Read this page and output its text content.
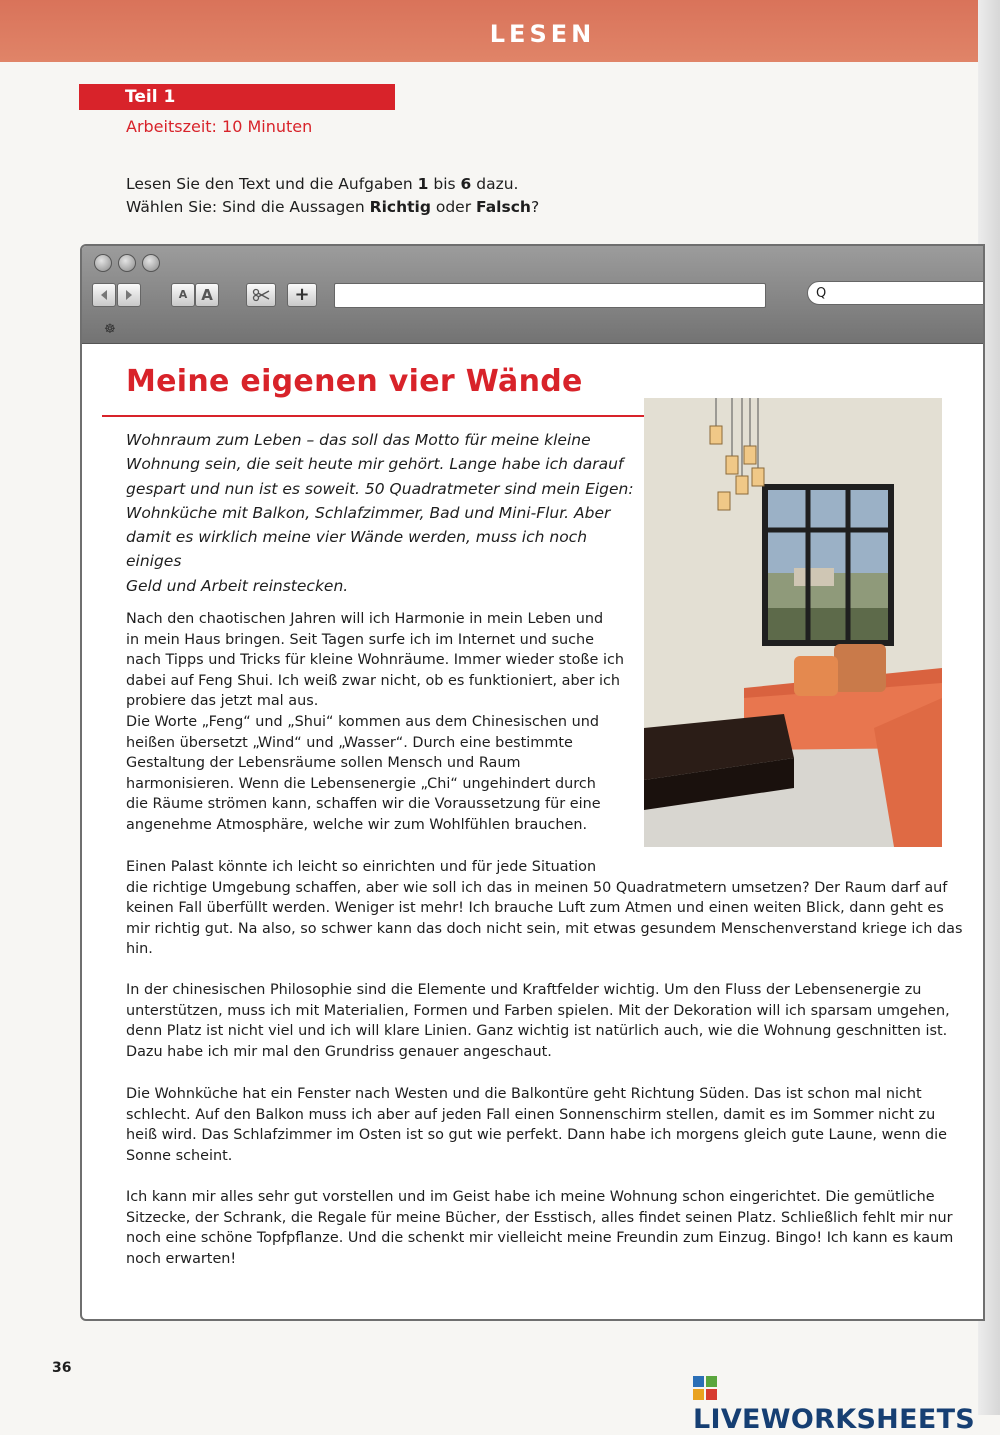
LESEN
Teil 1
Arbeitszeit: 10 Minuten
Lesen Sie den Text und die Aufgaben 1 bis 6 dazu.
Wählen Sie: Sind die Aussagen Richtig oder Falsch?
A A	+	Q
☸
Meine eigenen vier Wände
Wohnraum zum Leben – das soll das Motto für meine kleine
Wohnung sein, die seit heute mir gehört. Lange habe ich darauf
gespart und nun ist es soweit. 50 Quadratmeter sind mein Eigen:
Wohnküche mit Balkon, Schlafzimmer, Bad und Mini-Flur. Aber
damit es wirklich meine vier Wände werden, muss ich noch einiges
Geld und Arbeit reinstecken.
Nach den chaotischen Jahren will ich Harmonie in mein Leben und
in mein Haus bringen. Seit Tagen surfe ich im Internet und suche
nach Tipps und Tricks für kleine Wohnräume. Immer wieder stoße ich
dabei auf Feng Shui. Ich weiß zwar nicht, ob es funktioniert, aber ich
probiere das jetzt mal aus.
Die Worte „Feng“ und „Shui“ kommen aus dem Chinesischen und
heißen übersetzt „Wind“ und „Wasser“. Durch eine bestimmte
Gestaltung der Lebensräume sollen Mensch und Raum
harmonisieren. Wenn die Lebensenergie „Chi“ ungehindert durch
die Räume strömen kann, schaffen wir die Voraussetzung für eine
angenehme Atmosphäre, welche wir zum Wohlfühlen brauchen.
Einen Palast könnte ich leicht so einrichten und für jede Situation
die richtige Umgebung schaffen, aber wie soll ich das in meinen 50 Quadratmetern umsetzen? Der Raum darf auf
keinen Fall überfüllt werden. Weniger ist mehr! Ich brauche Luft zum Atmen und einen weiten Blick, dann geht es
mir richtig gut. Na also, so schwer kann das doch nicht sein, mit etwas gesundem Menschenverstand kriege ich das
hin.
In der chinesischen Philosophie sind die Elemente und Kraftfelder wichtig. Um den Fluss der Lebensenergie zu
unterstützen, muss ich mit Materialien, Formen und Farben spielen. Mit der Dekoration will ich sparsam umgehen,
denn Platz ist nicht viel und ich will klare Linien. Ganz wichtig ist natürlich auch, wie die Wohnung geschnitten ist.
Dazu habe ich mir mal den Grundriss genauer angeschaut.
Die Wohnküche hat ein Fenster nach Westen und die Balkontüre geht Richtung Süden. Das ist schon mal nicht
schlecht. Auf den Balkon muss ich aber auf jeden Fall einen Sonnenschirm stellen, damit es im Sommer nicht zu
heiß wird. Das Schlafzimmer im Osten ist so gut wie perfekt. Dann habe ich morgens gleich gute Laune, wenn die
Sonne scheint.
Ich kann mir alles sehr gut vorstellen und im Geist habe ich meine Wohnung schon eingerichtet. Die gemütliche
Sitzecke, der Schrank, die Regale für meine Bücher, der Esstisch, alles findet seinen Platz. Schließlich fehlt mir nur
noch eine schöne Topfpflanze. Und die schenkt mir vielleicht meine Freundin zum Einzug. Bingo! Ich kann es kaum
noch erwarten!
36
LIVEWORKSHEETS
